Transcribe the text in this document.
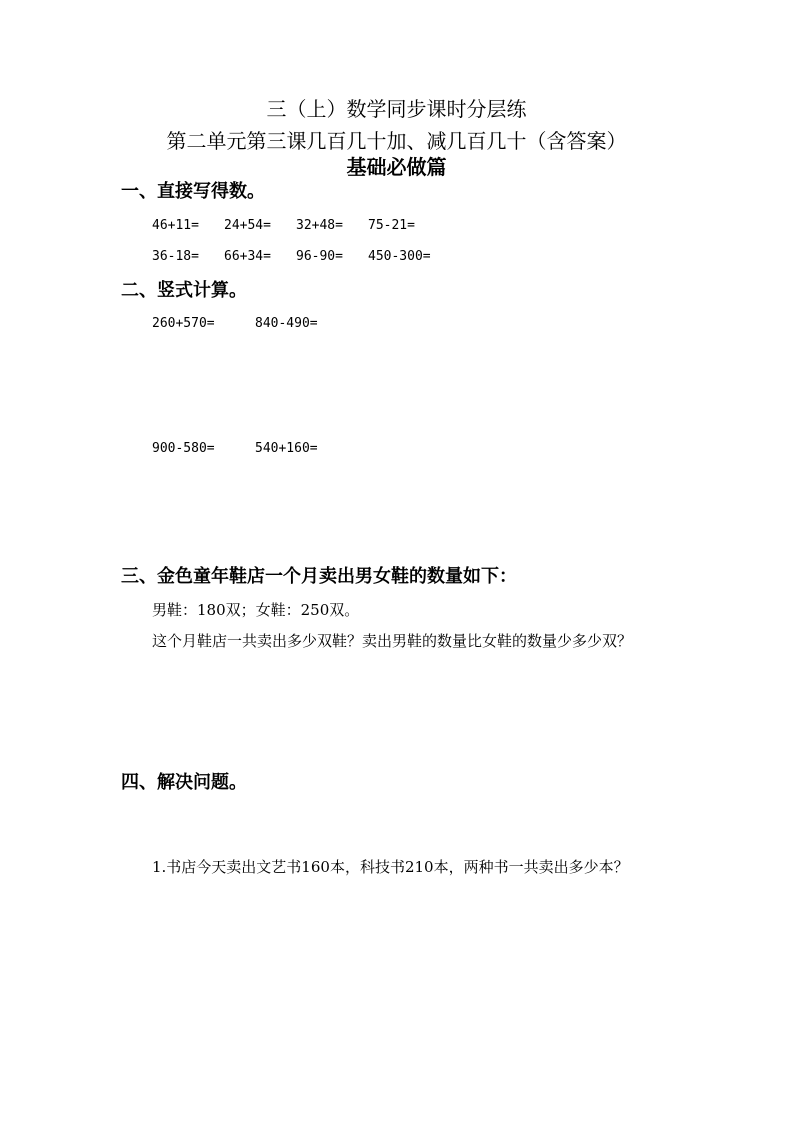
三（上）数学同步课时分层练
第二单元第三课几百几十加、减几百几十（含答案）
基础必做篇
一、直接写得数。
46+11= 24+54= 32+48= 75-21=
36-18= 66+34= 96-90= 450-300=
二、竖式计算。
260+570=	840-490=
900-580=	540+160=
三、金色童年鞋店一个月卖出男女鞋的数量如下：
男鞋：180双；女鞋：250双。
这个月鞋店一共卖出多少双鞋？卖出男鞋的数量比女鞋的数量少多少双？
四、解决问题。
1.书店今天卖出文艺书160本，科技书210本，两种书一共卖出多少本？
